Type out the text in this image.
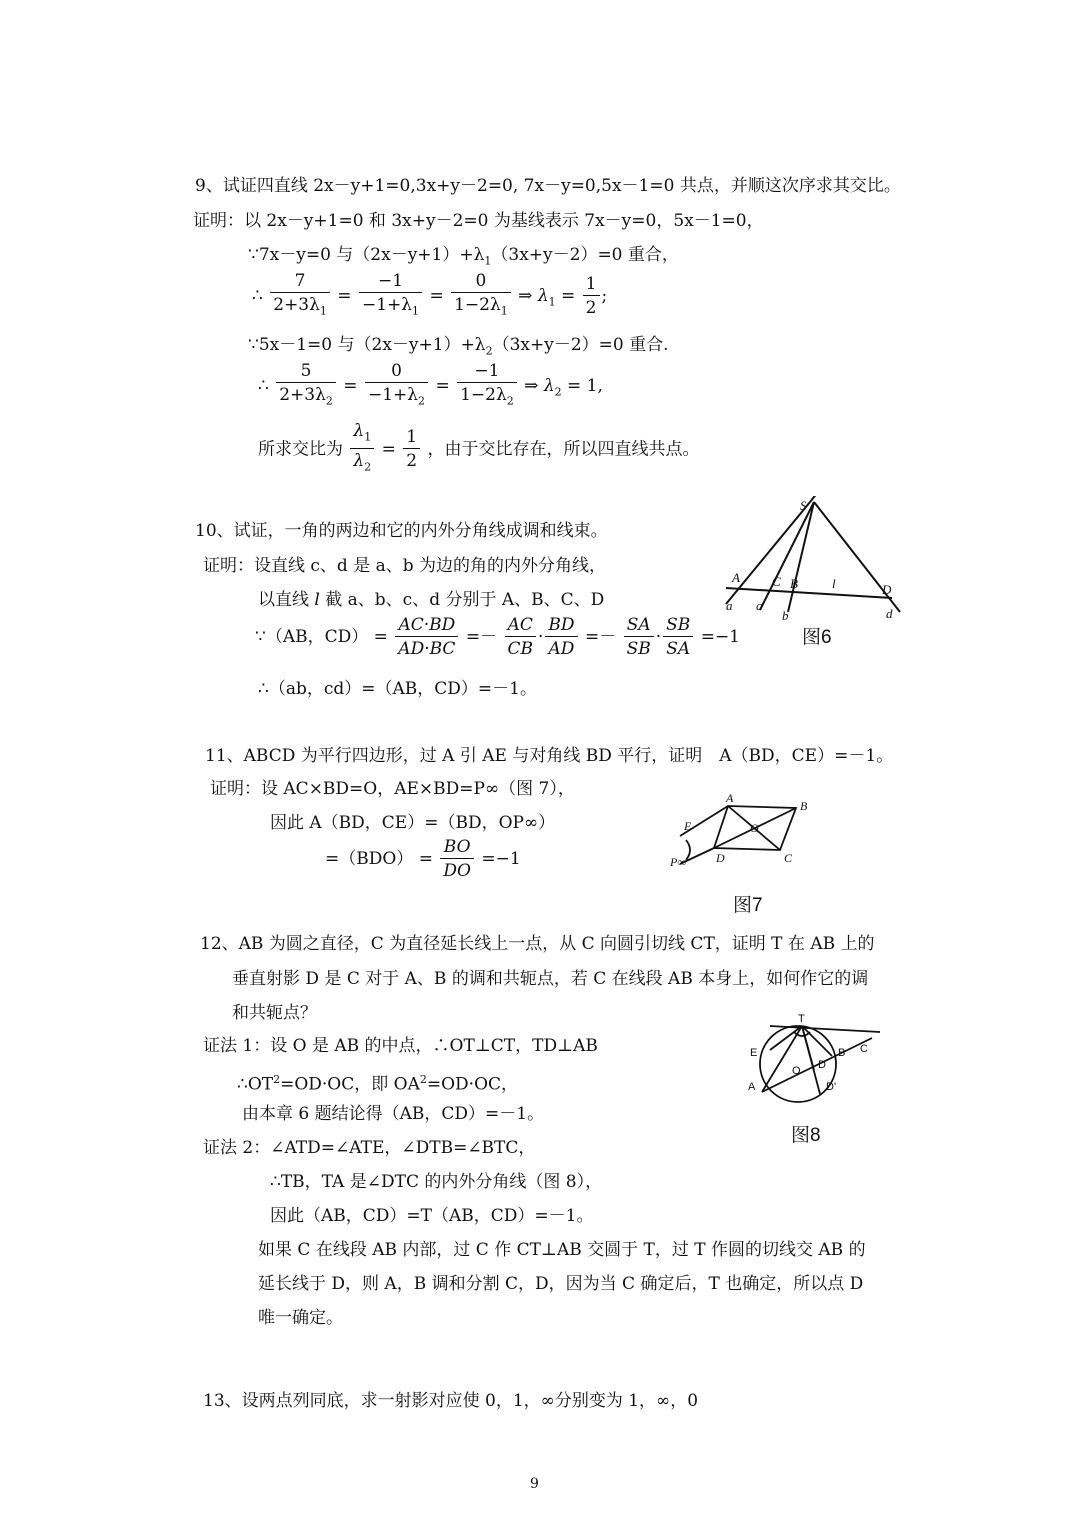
9、试证四直线 2x－y+1=0,3x+y－2=0, 7x－y=0,5x－1=0 共点，并顺这次序求其交比。
证明：以 2x－y+1=0 和 3x+y－2=0 为基线表示 7x－y=0，5x－1=0，
∵7x－y=0 与$(2x-y+1)+\lambda_1(3x+y-2)=0$ 重合，
∴ $\frac{7}{2+3\lambda_1} = \frac{-1}{-1+\lambda_1} = \frac{0}{1-2\lambda_1}$ ⇒ $\lambda_1 = \frac{1}{2}$ ;
∵5x－1=0 与$(2x-y+1)+\lambda_2(3x+y-2)=0$ 重合.
∴ $\frac{5}{2+3\lambda_2} = \frac{0}{-1+\lambda_2} = \frac{-1}{1-2\lambda_2}$ ⇒ $\lambda_2 = 1$,
所求交比为 $\frac{\lambda_1}{\lambda_2} = \frac{1}{2}$ ，由于交比存在，所以四直线共点。
10、试证，一角的两边和它的内外分角线成调和线束。
证明：设直线 c、d 是 a、b 为边的角的内外分角线，
以直线 l 截 a、b、c、d 分别于 A、B、C、D
∵（AB，$CD) = \frac{AC\cdot BD}{AD\cdot BC} =- \frac{AC}{CB} \cdot \frac{BD}{AD} =- \frac{SA}{SB} \cdot \frac{SB}{SA} =-1$
∴（ab，cd）=（AB，CD）=－1。
S
A C B	l	D
a c
b	d
图6
11、ABCD 为平行四边形，过 A 引 AE 与对角线 BD 平行，证明　A（BD，CE）=－1。
证明：设 AC×BD=O，AE×BD=P∞（图 7），
因此 A（BD，CE）=（BD，OP∞）
$=(BDO) = \frac{BO}{DO} =-1$
A
B
E	O
D	C
P∞
图7
12、AB 为圆之直径，C 为直径延长线上一点，从 C 向圆引切线 CT，证明 T 在 AB 上的
垂直射影 D 是 C 对于 A、B 的调和共轭点，若 C 在线段 AB 本身上，如何作它的调
和共轭点？
证法 1：设 O 是 AB 的中点，∴OT⊥CT，TD⊥AB
$\therefore OT^2=OD\cdot OC$，即 $OA^2=OD\cdot OC$，
由本章 6 题结论得（AB，CD）=－1。
证法 2：∠ATD=∠ATE，∠DTB=∠BTC，
∴TB，TA 是∠DTC 的内外分角线（图 8），
因此（AB，CD）=T（AB，CD）=－1。
如果 C 在线段 AB 内部，过 C 作 CT⊥AB 交圆于 T，过 T 作圆的切线交 AB 的
延长线于 D，则 A，B 调和分割 C，D，因为当 C 确定后，T 也确定，所以点 D
唯一确定。
T
E	B C
O D
A	D'
图8
13、设两点列同底，求一射影对应使 0，1，∞分别变为 1，∞，0
9
